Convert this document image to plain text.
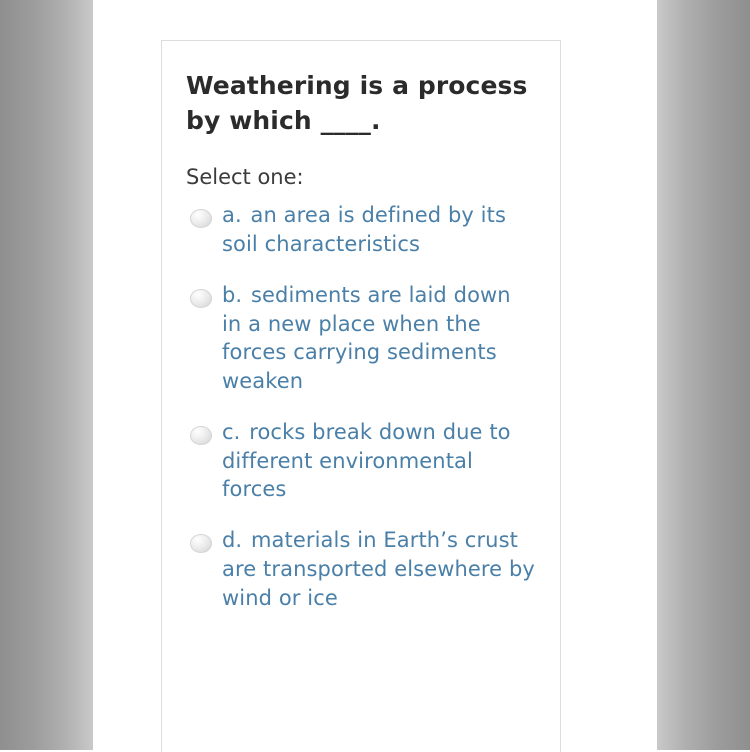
Weathering is a process by which ____.
Select one:
a. an area is defined by its soil characteristics
b. sediments are laid down in a new place when the forces carrying sediments weaken
c. rocks break down due to different environmental forces
d. materials in Earth’s crust are transported elsewhere by wind or ice
